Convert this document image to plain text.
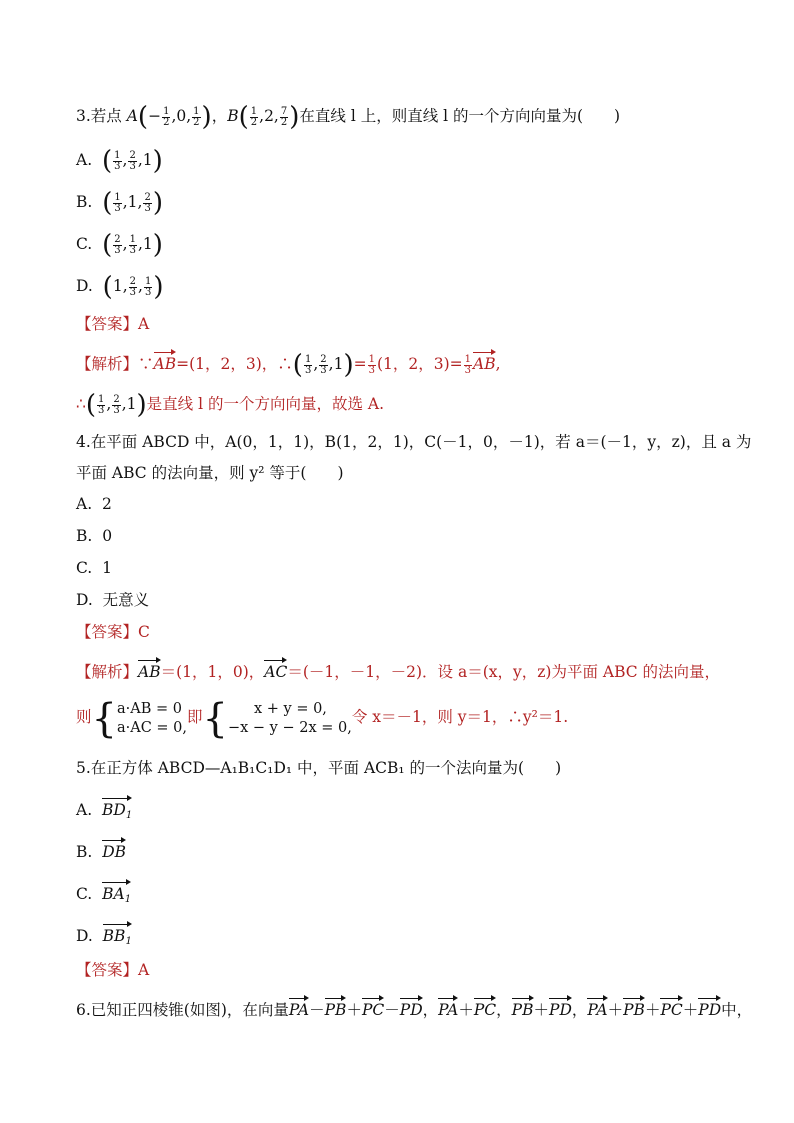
3.若点 $A(- \frac{1}{2} ,0$, $\frac{1}{2}$ )，$B( \frac{1}{2} ,2$, $\frac{7}{2}$ )在直线 l 上，则直线 l 的一个方向向量为(　　)
A. ( $\frac{1}{3}$ , $\frac{2}{3} ,1$)
B. ( $\frac{1}{3} ,1$, $\frac{2}{3}$ )
C. ( $\frac{2}{3}$ , $\frac{1}{3} ,1$)
D. (1, $\frac{2}{3}$ , $\frac{1}{3}$ )
【答案】A
【解析】∵AB=(1，2，3)，∴( $\frac{1}{3}$ , $\frac{2}{3} ,1)= \frac{1}{3} (1$，2，$3)= \frac{1}{3}$ AB,
∴( $\frac{1}{3}$ , $\frac{2}{3} ,1$)是直线 l 的一个方向向量，故选 A.
4.在平面 ABCD 中，A(0，1，1)，B(1，2，1)，C(－1，0，－1)，若 a＝(－1，y，z)，且 a 为
平面 ABC 的法向量，则 y² 等于(　　)
A. 2
B. 0
C. 1
D. 无意义
【答案】C
【解析】AB＝(1，1，0)，AC＝(－1，－1，－2)．设 a＝(x，y，z)为平面 ABC 的法向量，
则{ a·AB = 0
a·AC = 0,
即{	x + y = 0,
−x − y − 2x = 0,
令 x＝－1，则 y＝1，∴y²＝1.
5.在正方体 ABCD—A₁B₁C₁D₁ 中，平面 ACB₁ 的一个法向量为(　　)
A. $BD_1$
B. DB
C. $BA_1$
D. $BB_1$
【答案】A
6.已知正四棱锥(如图)，在向量PA－PB＋PC－PD，PA＋PC，PB＋PD，PA＋PB＋PC＋PD中，
